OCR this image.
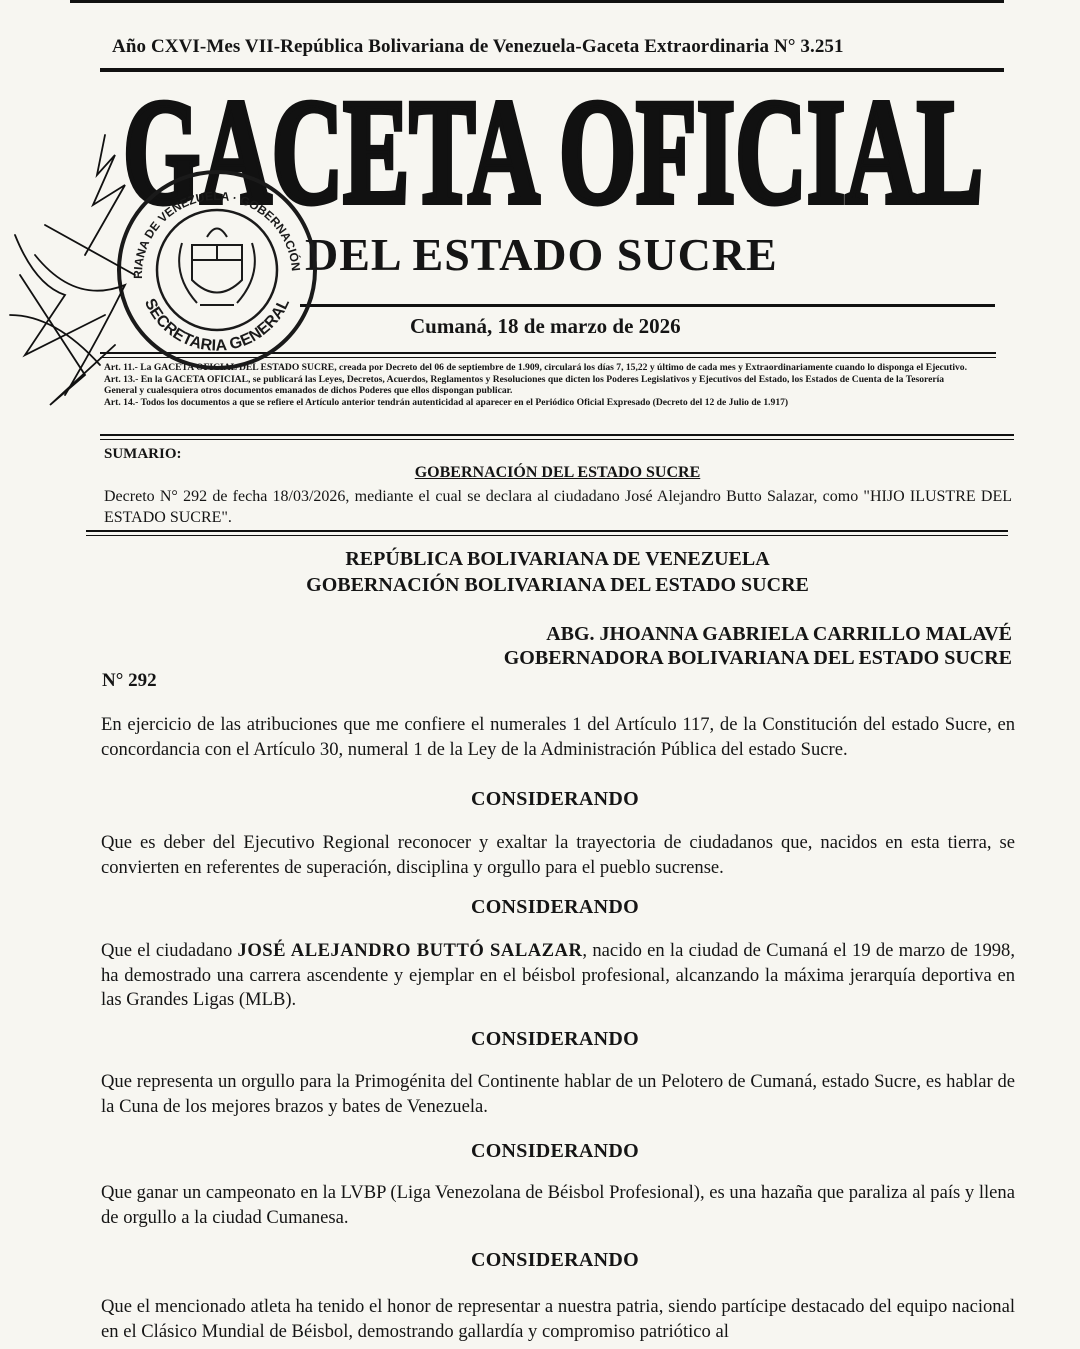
Año CXVI-Mes VII-República Bolivariana de Venezuela-Gaceta Extraordinaria N° 3.251
GACETA OFICIAL
DEL ESTADO SUCRE
Cumaná, 18 de marzo de 2026

Art. 11.- La GACETA OFICIAL DEL ESTADO SUCRE, creada por Decreto del 06 de septiembre de 1.909, circulará los días 7, 15,22 y último de cada mes y Extraordinariamente cuando lo disponga el Ejecutivo.

Art. 13.- En la GACETA OFICIAL, se publicará las Leyes, Decretos, Acuerdos, Reglamentos y Resoluciones que dicten los Poderes Legislativos y Ejecutivos del Estado, los Estados de Cuenta de la Tesorería General y cualesquiera otros documentos emanados de dichos Poderes que ellos dispongan publicar.

Art. 14.- Todos los documentos a que se refiere el Artículo anterior tendrán autenticidad al aparecer en el Periódico Oficial Expresado (Decreto del 12 de Julio de 1.917)

SUMARIO:
GOBERNACIÓN DEL ESTADO SUCRE
Decreto N° 292 de fecha 18/03/2026, mediante el cual se declara al ciudadano José Alejandro Butto Salazar, como "HIJO ILUSTRE DEL ESTADO SUCRE".
REPÚBLICA BOLIVARIANA DE VENEZUELA
GOBERNACIÓN BOLIVARIANA DEL ESTADO SUCRE
ABG. JHOANNA GABRIELA CARRILLO MALAVÉ
GOBERNADORA BOLIVARIANA DEL ESTADO SUCRE
N° 292

En ejercicio de las atribuciones que me confiere el numerales 1 del Artículo 117, de la Constitución del estado Sucre, en concordancia con el Artículo 30, numeral 1 de la Ley de la Administración Pública del estado Sucre.

CONSIDERANDO

Que es deber del Ejecutivo Regional reconocer y exaltar la trayectoria de ciudadanos que, nacidos en esta tierra, se convierten en referentes de superación, disciplina y orgullo para el pueblo sucrense.

CONSIDERANDO

Que el ciudadano JOSÉ ALEJANDRO BUTTÓ SALAZAR, nacido en la ciudad de Cumaná el 19 de marzo de 1998, ha demostrado una carrera ascendente y ejemplar en el béisbol profesional, alcanzando la máxima jerarquía deportiva en las Grandes Ligas (MLB).

CONSIDERANDO

Que representa un orgullo para la Primogénita del Continente hablar de un Pelotero de Cumaná, estado Sucre, es hablar de la Cuna de los mejores brazos y bates de Venezuela.

CONSIDERANDO

Que ganar un campeonato en la LVBP (Liga Venezolana de Béisbol Profesional), es una hazaña que paraliza al país y llena de orgullo a la ciudad Cumanesa.

CONSIDERANDO

Que el mencionado atleta ha tenido el honor de representar a nuestra patria, siendo partícipe destacado del equipo nacional en el Clásico Mundial de Béisbol, demostrando gallardía y compromiso patriótico al

RIANA DE VENEZUELA · GOBERNACIÓN
SECRETARIA GENERAL
